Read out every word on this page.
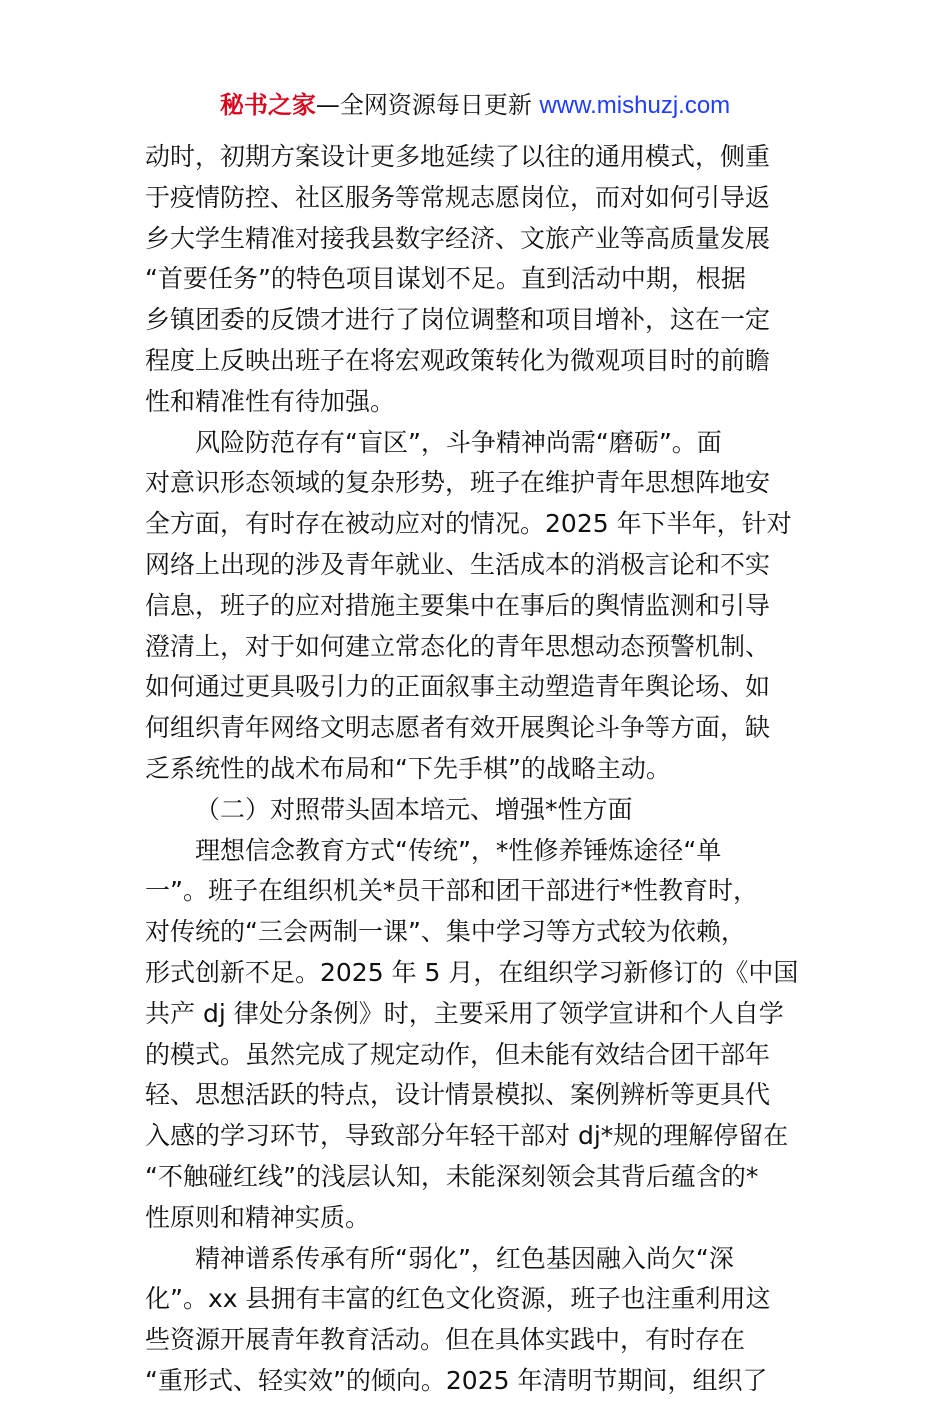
秘书之家—全网资源每日更新 www.mishuzj.com
动时，初期方案设计更多地延续了以往的通用模式，侧重
于疫情防控、社区服务等常规志愿岗位，而对如何引导返
乡大学生精准对接我县数字经济、文旅产业等高质量发展
“首要任务”的特色项目谋划不足。直到活动中期，根据
乡镇团委的反馈才进行了岗位调整和项目增补，这在一定
程度上反映出班子在将宏观政策转化为微观项目时的前瞻
性和精准性有待加强。
风险防范存有“盲区”，斗争精神尚需“磨砺”。面
对意识形态领域的复杂形势，班子在维护青年思想阵地安
全方面，有时存在被动应对的情况。2025 年下半年，针对
网络上出现的涉及青年就业、生活成本的消极言论和不实
信息，班子的应对措施主要集中在事后的舆情监测和引导
澄清上，对于如何建立常态化的青年思想动态预警机制、
如何通过更具吸引力的正面叙事主动塑造青年舆论场、如
何组织青年网络文明志愿者有效开展舆论斗争等方面，缺
乏系统性的战术布局和“下先手棋”的战略主动。
（二）对照带头固本培元、增强*性方面
理想信念教育方式“传统”，*性修养锤炼途径“单
一”。班子在组织机关*员干部和团干部进行*性教育时，
对传统的“三会两制一课”、集中学习等方式较为依赖，
形式创新不足。2025 年 5 月，在组织学习新修订的《中国
共产 dj 律处分条例》时，主要采用了领学宣讲和个人自学
的模式。虽然完成了规定动作，但未能有效结合团干部年
轻、思想活跃的特点，设计情景模拟、案例辨析等更具代
入感的学习环节，导致部分年轻干部对 dj*规的理解停留在
“不触碰红线”的浅层认知，未能深刻领会其背后蕴含的*
性原则和精神实质。
精神谱系传承有所“弱化”，红色基因融入尚欠“深
化”。xx 县拥有丰富的红色文化资源，班子也注重利用这
些资源开展青年教育活动。但在具体实践中，有时存在
“重形式、轻实效”的倾向。2025 年清明节期间，组织了
